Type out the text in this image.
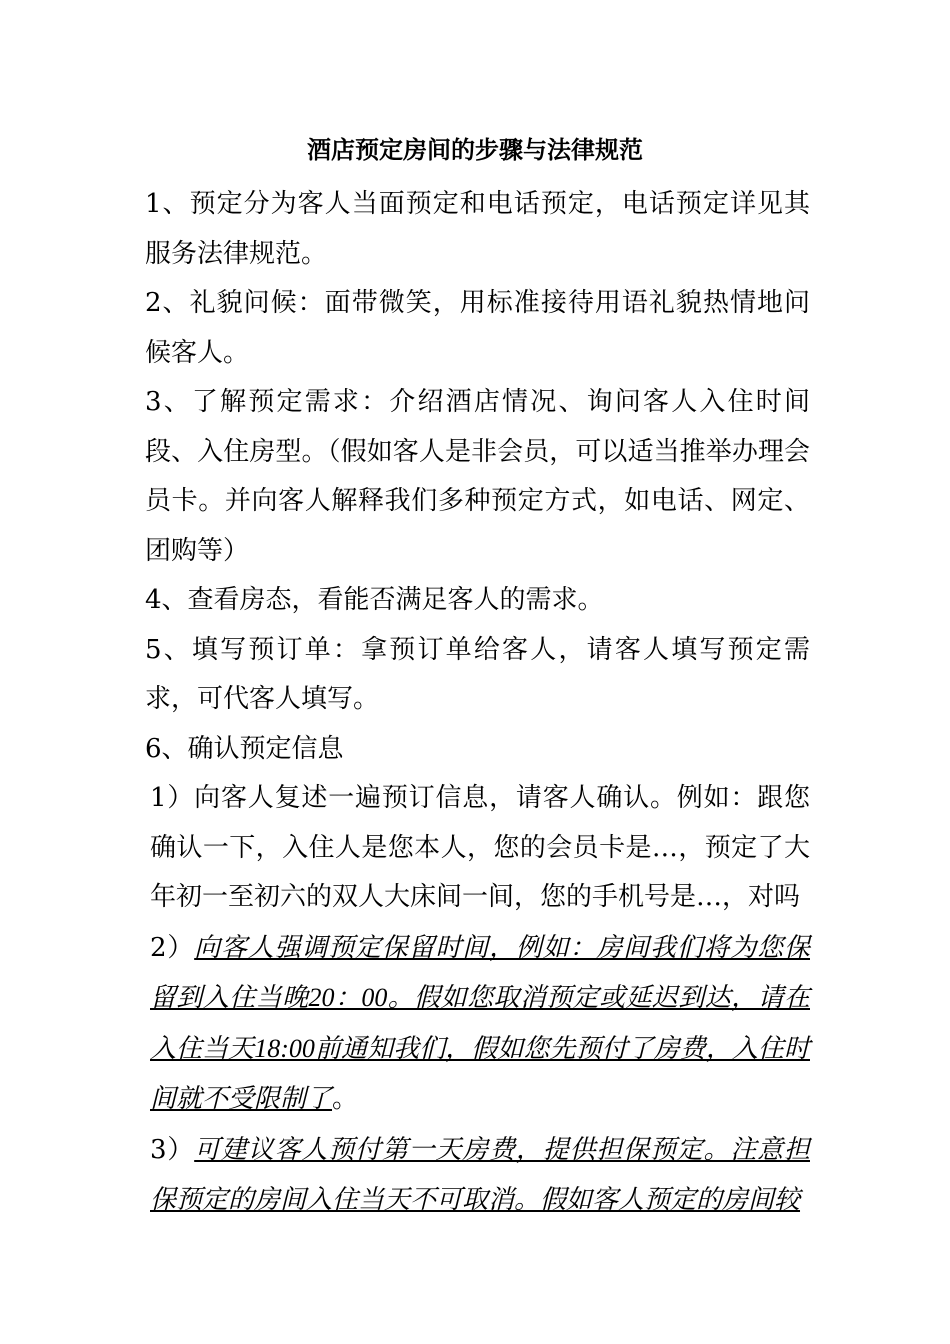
酒店预定房间的步骤与法律规范

1、预定分为客人当面预定和电话预定，电话预定详见其服务法律规范。

2、礼貌问候：面带微笑，用标准接待用语礼貌热情地问候客人。

3、了解预定需求：介绍酒店情况、询问客人入住时间段、入住房型。（假如客人是非会员，可以适当推举办理会员卡。并向客人解释我们多种预定方式，如电话、网定、团购等）

4、查看房态，看能否满足客人的需求。

5、填写预订单：拿预订单给客人，请客人填写预定需求，可代客人填写。

6、确认预定信息

1）向客人复述一遍预订信息，请客人确认。例如：跟您确认一下，入住人是您本人，您的会员卡是…，预定了大年初一至初六的双人大床间一间，您的手机号是…，对吗

2）向客人强调预定保留时间，例如：房间我们将为您保留到入住当晚20：00。假如您取消预定或延迟到达，请在入住当天18:00前通知我们，假如您先预付了房费，入住时间就不受限制了。

3）可建议客人预付第一天房费，提供担保预定。注意担保预定的房间入住当天不可取消。假如客人预定的房间较
